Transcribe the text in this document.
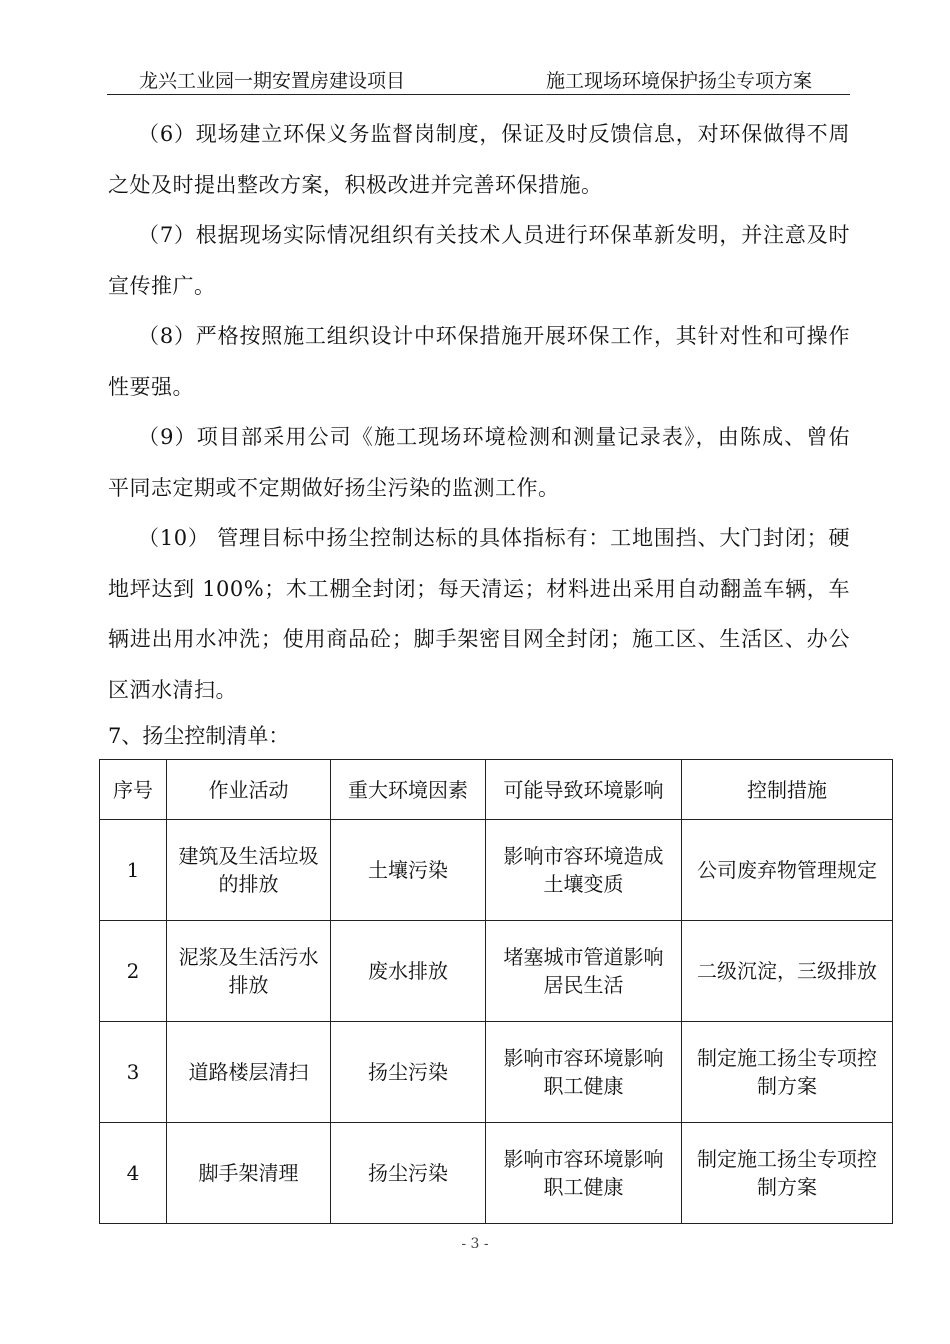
龙兴工业园一期安置房建设项目	施工现场环境保护扬尘专项方案

（6）现场建立环保义务监督岗制度，保证及时反馈信息，对环保做得不周之处及时提出整改方案，积极改进并完善环保措施。

（7）根据现场实际情况组织有关技术人员进行环保革新发明，并注意及时宣传推广。

（8）严格按照施工组织设计中环保措施开展环保工作，其针对性和可操作性要强。

（9）项目部采用公司《施工现场环境检测和测量记录表》，由陈成、曾佑平同志定期或不定期做好扬尘污染的监测工作。

（10） 管理目标中扬尘控制达标的具体指标有：工地围挡、大门封闭；硬地坪达到 100%；木工棚全封闭；每天清运；材料进出采用自动翻盖车辆，车辆进出用水冲洗；使用商品砼；脚手架密目网全封闭；施工区、生活区、办公区洒水清扫。

7、扬尘控制清单：
序号	作业活动	重大环境因素	可能导致环境影响	控制措施
1	建筑及生活垃圾的排放	土壤污染	影响市容环境造成土壤变质	公司废弃物管理规定
2	泥浆及生活污水排放	废水排放	堵塞城市管道影响居民生活	二级沉淀，三级排放
3	道路楼层清扫	扬尘污染	影响市容环境影响职工健康	制定施工扬尘专项控制方案
4	脚手架清理	扬尘污染	影响市容环境影响职工健康	制定施工扬尘专项控制方案
- 3 -
